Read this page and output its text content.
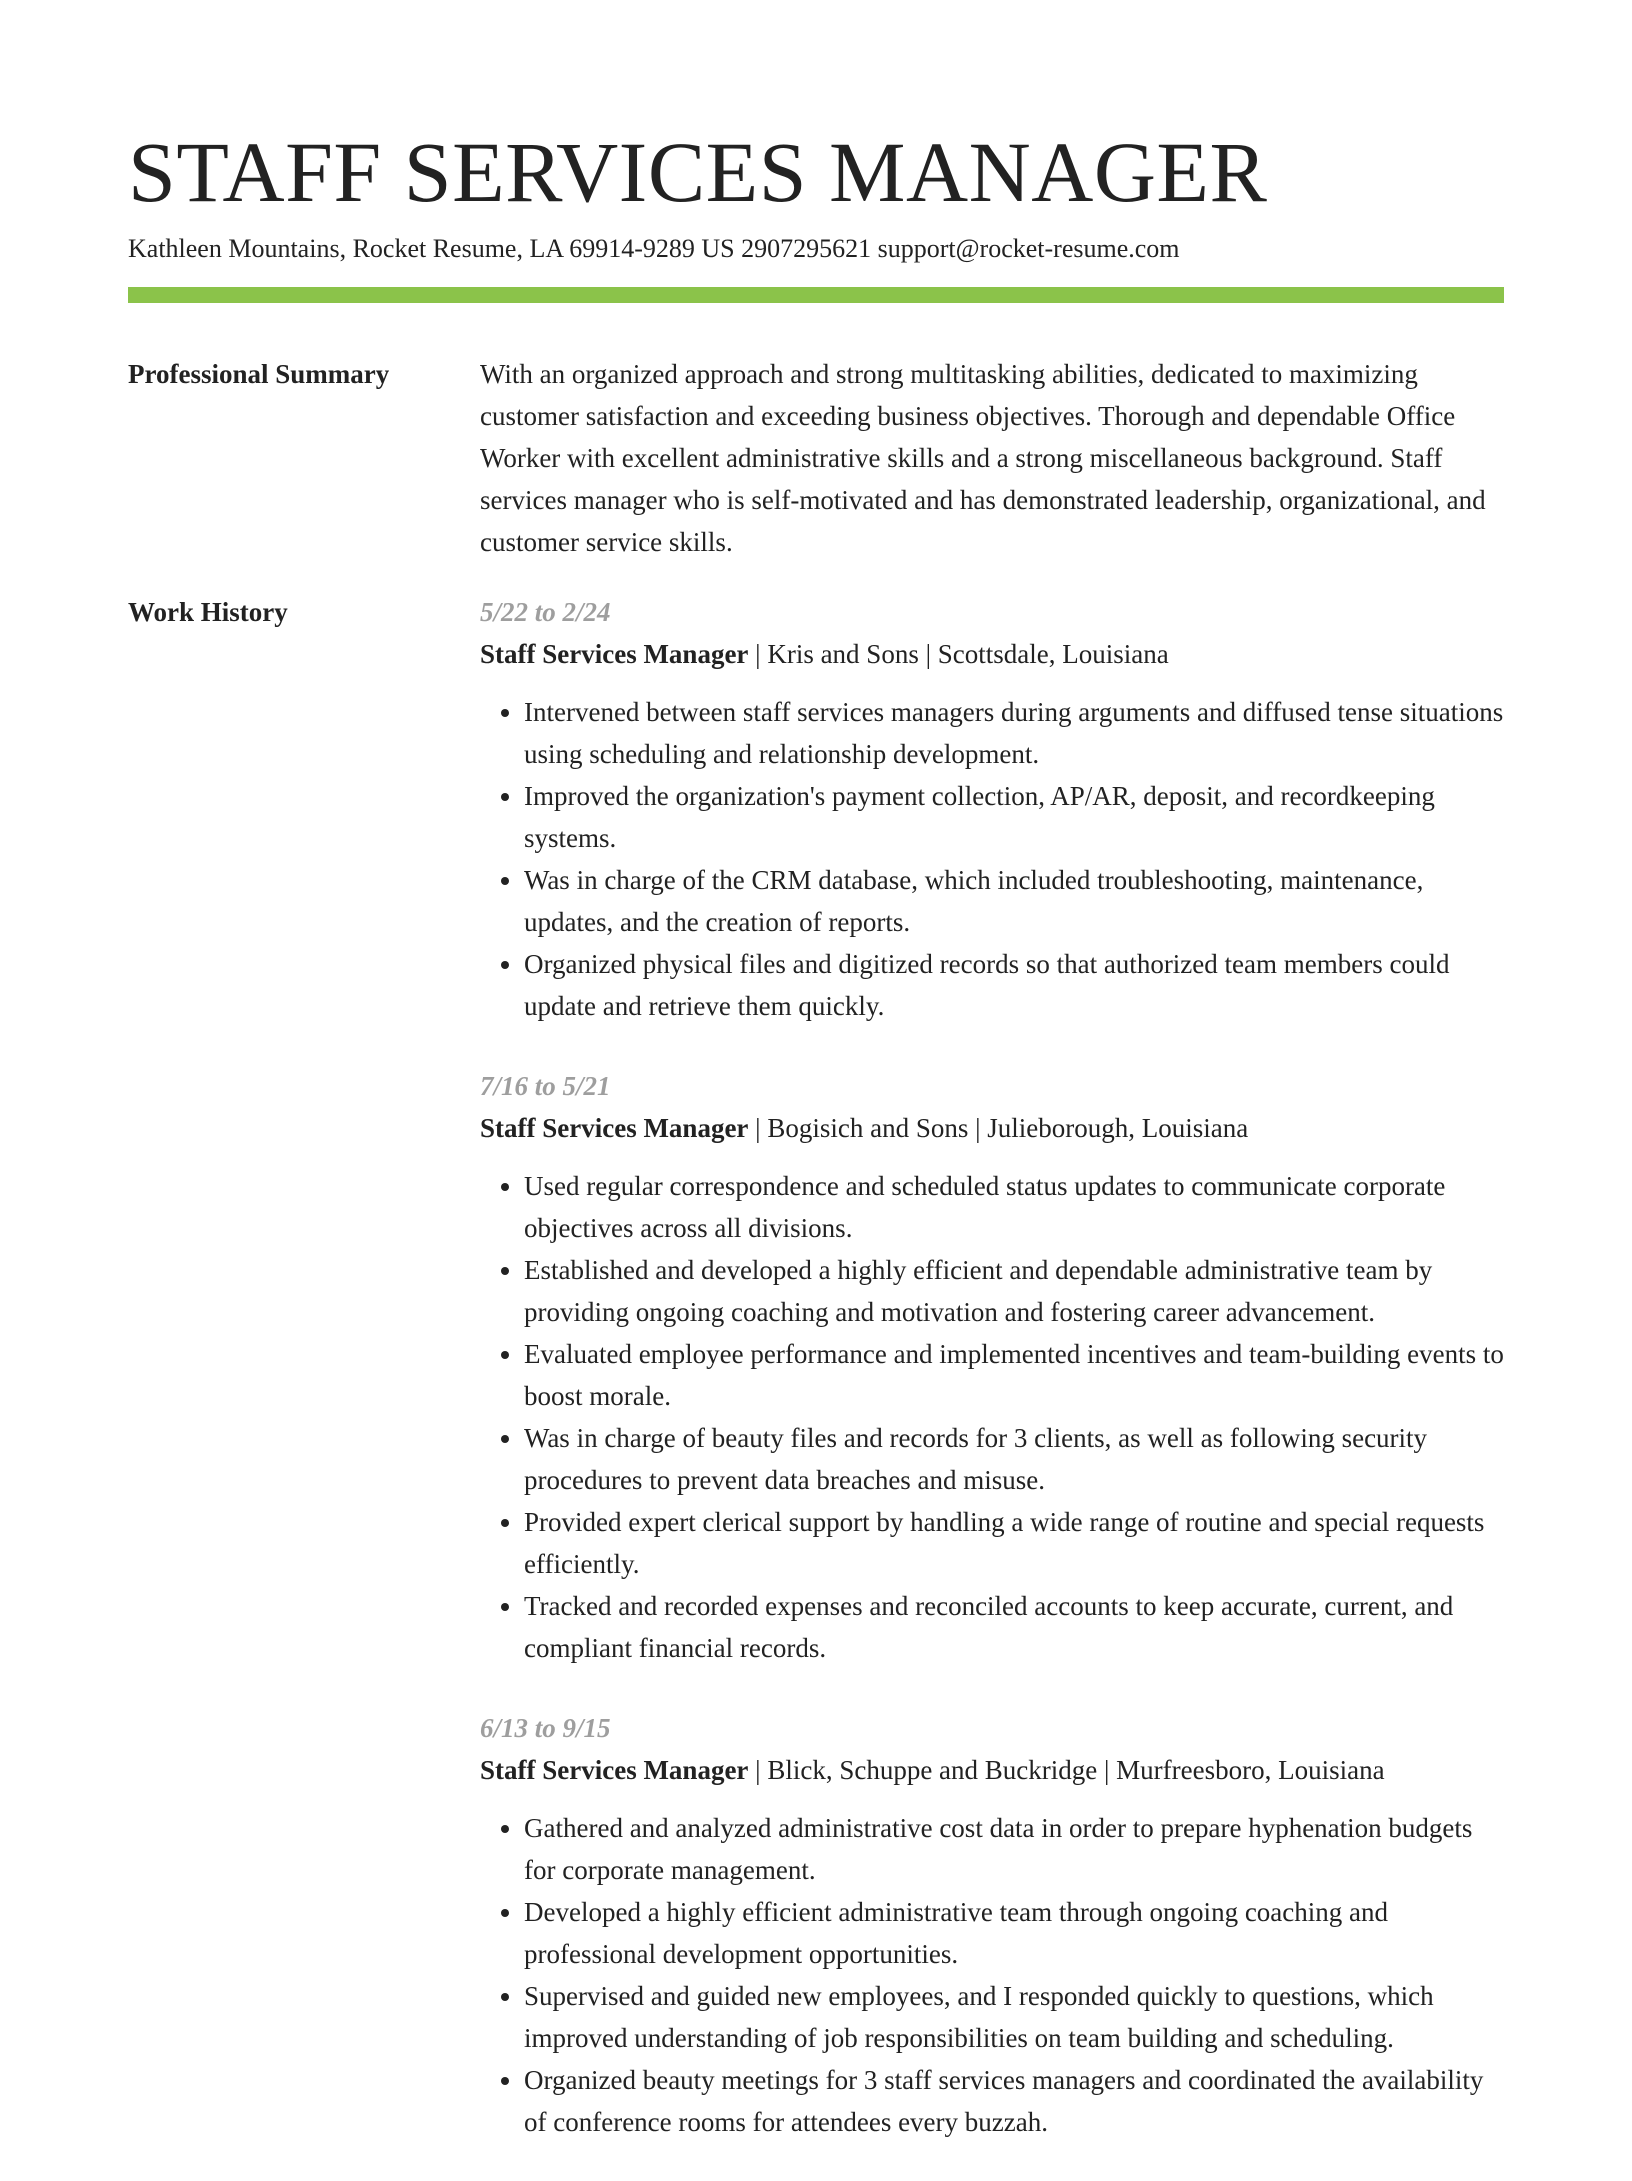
STAFF SERVICES MANAGER
Kathleen Mountains, Rocket Resume, LA 69914-9289 US 2907295621 support@rocket-resume.com
Professional Summary	With an organized approach and strong multitasking abilities, dedicated to maximizing customer satisfaction and exceeding business objectives. Thorough and dependable Office Worker with excellent administrative skills and a strong miscellaneous background. Staff services manager who is self-motivated and has demonstrated leadership, organizational, and customer service skills.

Work History	5/22 to 2/24
Staff Services Manager | Kris and Sons | Scottsdale, Louisiana
• Intervened between staff services managers during arguments and diffused tense situations using scheduling and relationship development.
• Improved the organization's payment collection, AP/AR, deposit, and recordkeeping systems.
• Was in charge of the CRM database, which included troubleshooting, maintenance, updates, and the creation of reports.
• Organized physical files and digitized records so that authorized team members could update and retrieve them quickly.
7/16 to 5/21
Staff Services Manager | Bogisich and Sons | Julieborough, Louisiana
• Used regular correspondence and scheduled status updates to communicate corporate objectives across all divisions.
• Established and developed a highly efficient and dependable administrative team by providing ongoing coaching and motivation and fostering career advancement.
• Evaluated employee performance and implemented incentives and team-building events to boost morale.
• Was in charge of beauty files and records for 3 clients, as well as following security procedures to prevent data breaches and misuse.
• Provided expert clerical support by handling a wide range of routine and special requests efficiently.
• Tracked and recorded expenses and reconciled accounts to keep accurate, current, and compliant financial records.
6/13 to 9/15
Staff Services Manager | Blick, Schuppe and Buckridge | Murfreesboro, Louisiana
• Gathered and analyzed administrative cost data in order to prepare hyphenation budgets for corporate management.
• Developed a highly efficient administrative team through ongoing coaching and professional development opportunities.
• Supervised and guided new employees, and I responded quickly to questions, which improved understanding of job responsibilities on team building and scheduling.
• Organized beauty meetings for 3 staff services managers and coordinated the availability of conference rooms for attendees every buzzah.
